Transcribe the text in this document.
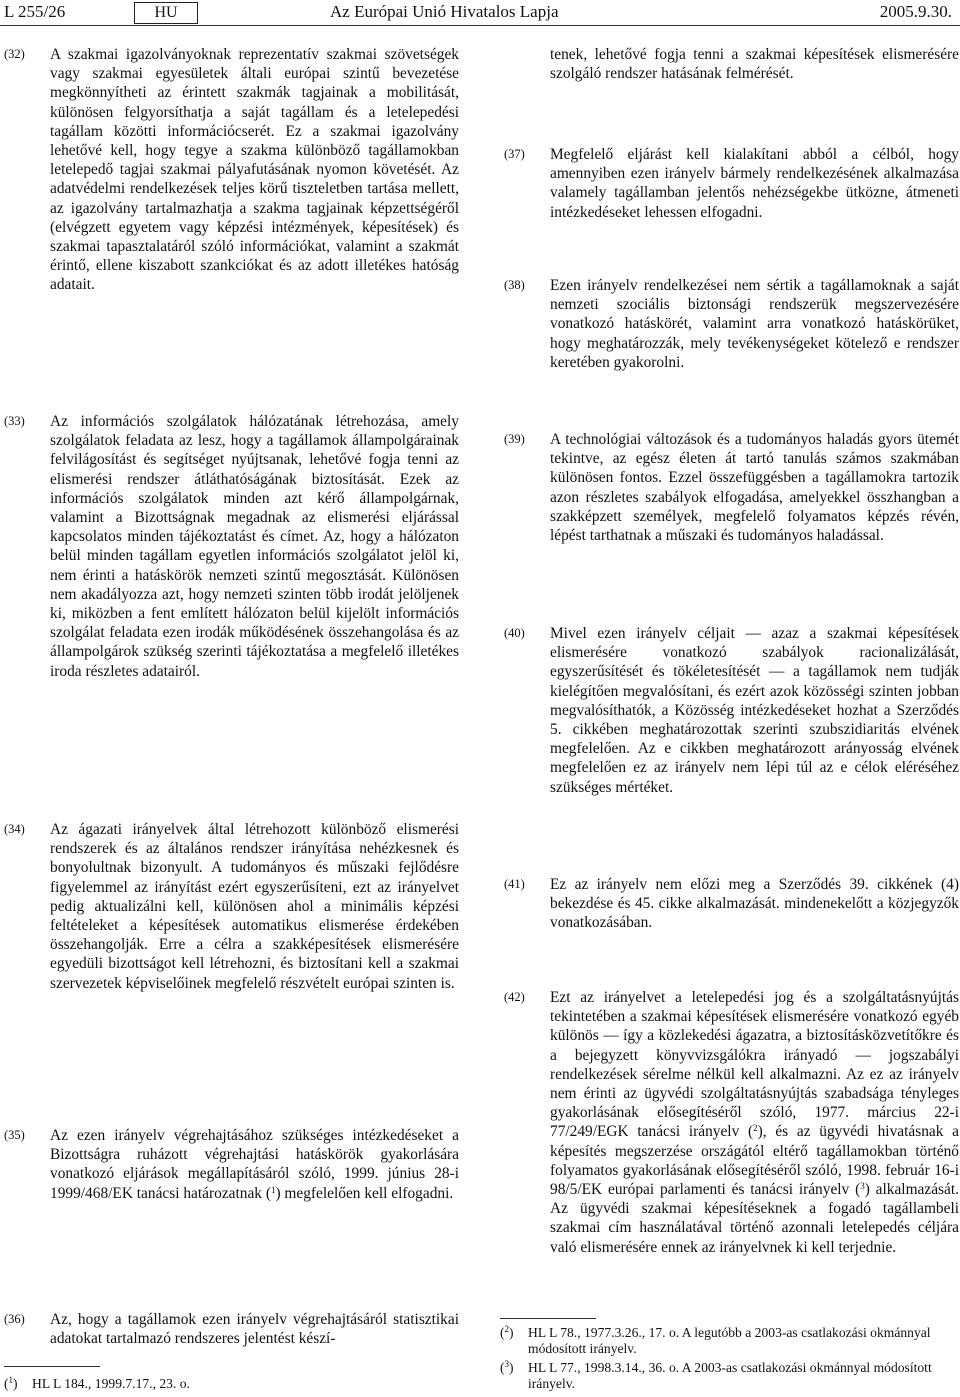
L 255/26	HU	Az Európai Unió Hivatalos Lapja	2005.9.30.
(32) A szakmai igazolványoknak reprezentatív szakmai szövetségek vagy szakmai egyesületek általi európai szintű bevezetése megkönnyítheti az érintett szakmák tagjainak a mobilitását, különösen felgyorsíthatja a saját tagállam és a letelepedési tagállam közötti információcserét. Ez a szakmai igazolvány lehetővé kell, hogy tegye a szakma különböző tagállamokban letelepedő tagjai szakmai pályafutásának nyomon követését. Az adatvédelmi rendelkezések teljes körű tiszteletben tartása mellett, az igazolvány tartalmazhatja a szakma tagjainak képzettségéről (elvégzett egyetem vagy képzési intézmények, képesítések) és szakmai tapasztalatáról szóló információkat, valamint a szakmát érintő, ellene kiszabott szankciókat és az adott illetékes hatóság adatait.
(33) Az információs szolgálatok hálózatának létrehozása, amely szolgálatok feladata az lesz, hogy a tagállamok állampolgárainak felvilágosítást és segítséget nyújtsanak, lehetővé fogja tenni az elismerési rendszer átláthatóságának biztosítását. Ezek az információs szolgálatok minden azt kérő állampolgárnak, valamint a Bizottságnak megadnak az elismerési eljárással kapcsolatos minden tájékoztatást és címet. Az, hogy a hálózaton belül minden tagállam egyetlen információs szolgálatot jelöl ki, nem érinti a hatáskörök nemzeti szintű megosztását. Különösen nem akadályozza azt, hogy nemzeti szinten több irodát jelöljenek ki, miközben a fent említett hálózaton belül kijelölt információs szolgálat feladata ezen irodák működésének összehangolása és az állampolgárok szükség szerinti tájékoztatása a megfelelő illetékes iroda részletes adatairól.
(34) Az ágazati irányelvek által létrehozott különböző elismerési rendszerek és az általános rendszer irányítása nehézkesnek és bonyolultnak bizonyult. A tudományos és műszaki fejlődésre figyelemmel az irányítást ezért egyszerűsíteni, ezt az irányelvet pedig aktualizálni kell, különösen ahol a minimális képzési feltételeket a képesítések automatikus elismerése érdekében összehangolják. Erre a célra a szakképesítések elismerésére egyedüli bizottságot kell létrehozni, és biztosítani kell a szakmai szervezetek képviselőinek megfelelő részvételt európai szinten is.
(35) Az ezen irányelv végrehajtásához szükséges intézkedéseket a Bizottságra ruházott végrehajtási hatáskörök gyakorlására vonatkozó eljárások megállapításáról szóló, 1999. június 28-i 1999/468/EK tanácsi határozatnak ($^1$) megfelelően kell elfogadni.
(36) Az, hogy a tagállamok ezen irányelv végrehajtásáról statisztikai adatokat tartalmazó rendszeres jelentést készí-
($^1$) HL L 184., 1999.7.17., 23. o.
tenek, lehetővé fogja tenni a szakmai képesítések elismerésére szolgáló rendszer hatásának felmérését.
(37) Megfelelő eljárást kell kialakítani abból a célból, hogy amennyiben ezen irányelv bármely rendelkezésének alkalmazása valamely tagállamban jelentős nehézségekbe ütközne, átmeneti intézkedéseket lehessen elfogadni.
(38) Ezen irányelv rendelkezései nem sértik a tagállamoknak a saját nemzeti szociális biztonsági rendszerük megszervezésére vonatkozó hatáskörét, valamint arra vonatkozó hatáskörüket, hogy meghatározzák, mely tevékenységeket kötelező e rendszer keretében gyakorolni.
(39) A technológiai változások és a tudományos haladás gyors ütemét tekintve, az egész életen át tartó tanulás számos szakmában különösen fontos. Ezzel összefüggésben a tagállamokra tartozik azon részletes szabályok elfogadása, amelyekkel összhangban a szakképzett személyek, megfelelő folyamatos képzés révén, lépést tarthatnak a műszaki és tudományos haladással.
(40) Mivel ezen irányelv céljait — azaz a szakmai képesítések elismerésére vonatkozó szabályok racionalizálását, egyszerűsítését és tökéletesítését — a tagállamok nem tudják kielégítően megvalósítani, és ezért azok közösségi szinten jobban megvalósíthatók, a Közösség intézkedéseket hozhat a Szerződés 5. cikkében meghatározottak szerinti szubszidiaritás elvének megfelelően. Az e cikkben meghatározott arányosság elvének megfelelően ez az irányelv nem lépi túl az e célok eléréséhez szükséges mértéket.
(41) Ez az irányelv nem előzi meg a Szerződés 39. cikkének (4) bekezdése és 45. cikke alkalmazását. mindenekelőtt a közjegyzők vonatkozásában.
(42) Ezt az irányelvet a letelepedési jog és a szolgáltatásnyújtás tekintetében a szakmai képesítések elismerésére vonatkozó egyéb különös — így a közlekedési ágazatra, a biztosításközvetítőkre és a bejegyzett könyvvizsgálókra irányadó — jogszabályi rendelkezések sérelme nélkül kell alkalmazni. Az ez az irányelv nem érinti az ügyvédi szolgáltatásnyújtás szabadsága tényleges gyakorlásának elősegítéséről szóló, 1977. március 22-i 77/249/EGK tanácsi irányelv ($^2$), és az ügyvédi hivatásnak a képesítés megszerzése országától eltérő tagállamokban történő folyamatos gyakorlásának elősegítéséről szóló, 1998. február 16-i 98/5/EK európai parlamenti és tanácsi irányelv ($^3$) alkalmazását. Az ügyvédi szakmai képesítéseknek a fogadó tagállambeli szakmai cím használatával történő azonnali letelepedés céljára való elismerésére ennek az irányelvnek ki kell terjednie.
($^2$) HL L 78., 1977.3.26., 17. o. A legutóbb a 2003-as csatlakozási okmánnyal módosított irányelv.
($^3$) HL L 77., 1998.3.14., 36. o. A 2003-as csatlakozási okmánnyal módosított irányelv.
